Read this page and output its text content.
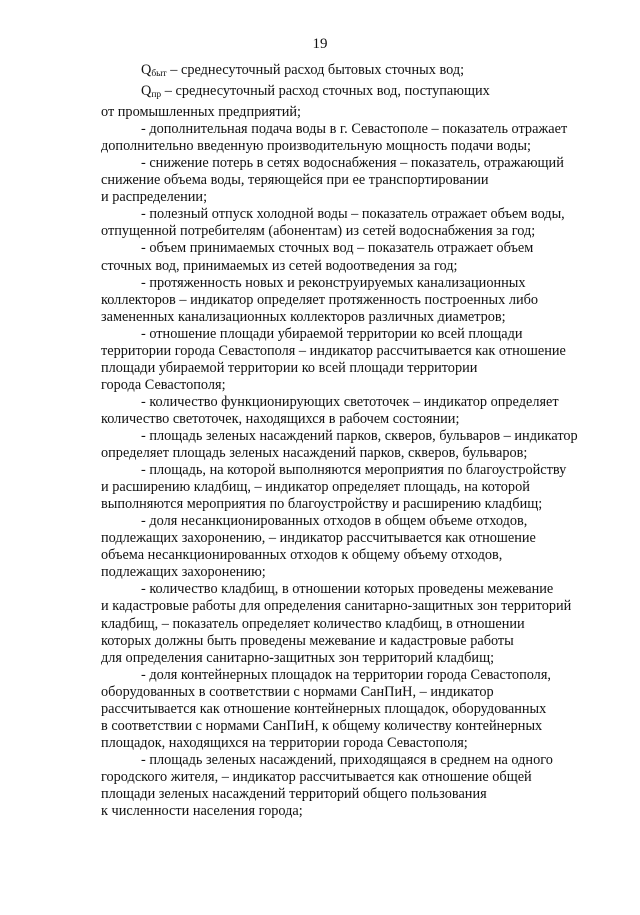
19

$Q_{быт}$ – среднесуточный расход бытовых сточных вод;

$Q_{пр}$ – среднесуточный расход сточных вод, поступающих
от промышленных предприятий;

- дополнительная подача воды в г. Севастополе – показатель отражает
дополнительно введенную производительную мощность подачи воды;

- снижение потерь в сетях водоснабжения – показатель, отражающий
снижение объема воды, теряющейся при ее транспортировании
и распределении;

- полезный отпуск холодной воды – показатель отражает объем воды,
отпущенной потребителям (абонентам) из сетей водоснабжения за год;

- объем принимаемых сточных вод – показатель отражает объем
сточных вод, принимаемых из сетей водоотведения за год;

- протяженность новых и реконструируемых канализационных
коллекторов – индикатор определяет протяженность построенных либо
замененных канализационных коллекторов различных диаметров;

- отношение площади убираемой территории ко всей площади
территории города Севастополя – индикатор рассчитывается как отношение
площади убираемой территории ко всей площади территории
города Севастополя;

- количество функционирующих светоточек – индикатор определяет
количество светоточек, находящихся в рабочем состоянии;

- площадь зеленых насаждений парков, скверов, бульваров – индикатор
определяет площадь зеленых насаждений парков, скверов, бульваров;

- площадь, на которой выполняются мероприятия по благоустройству
и расширению кладбищ, – индикатор определяет площадь, на которой
выполняются мероприятия по благоустройству и расширению кладбищ;

- доля несанкционированных отходов в общем объеме отходов,
подлежащих захоронению, – индикатор рассчитывается как отношение
объема несанкционированных отходов к общему объему отходов,
подлежащих захоронению;

- количество кладбищ, в отношении которых проведены межевание
и кадастровые работы для определения санитарно-защитных зон территорий
кладбищ, – показатель определяет количество кладбищ, в отношении
которых должны быть проведены межевание и кадастровые работы
для определения санитарно-защитных зон территорий кладбищ;

- доля контейнерных площадок на территории города Севастополя,
оборудованных в соответствии с нормами СанПиН, – индикатор
рассчитывается как отношение контейнерных площадок, оборудованных
в соответствии с нормами СанПиН, к общему количеству контейнерных
площадок, находящихся на территории города Севастополя;

- площадь зеленых насаждений, приходящаяся в среднем на одного
городского жителя, – индикатор рассчитывается как отношение общей
площади зеленых насаждений территорий общего пользования
к численности населения города;
